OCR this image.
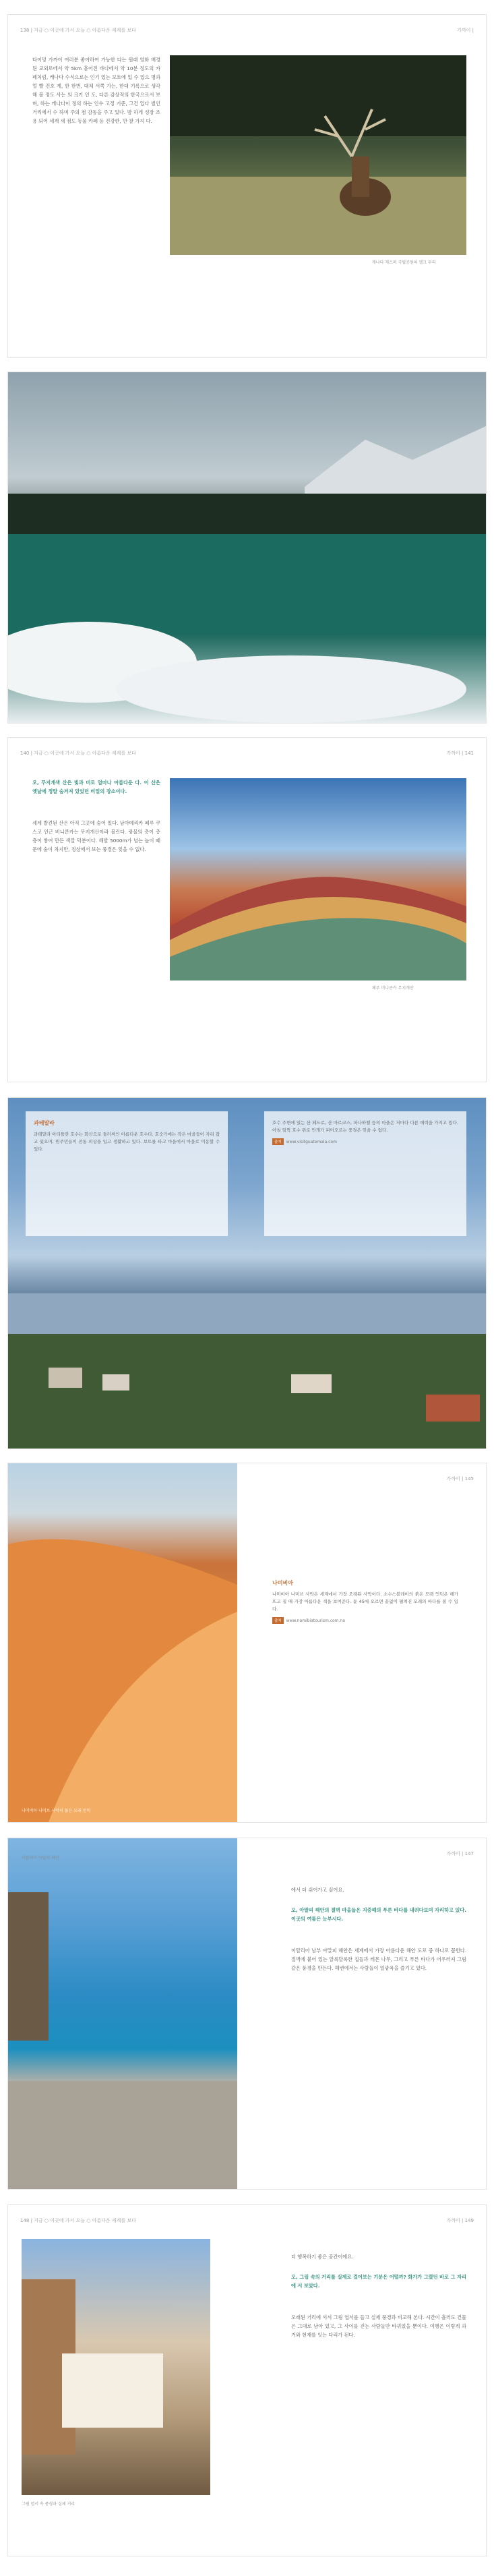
138 | 지금 ○ 이곳에 가서 오늘 ○ 아름다운 세계를 보다	가까이 |
타이밍 가까이 여러분 좋아하여 가능한 다는 원래 영화 배경된 교외로에서 약 5km 흩어진 바다에서 약 10분 정도의 카페처럼, 캐나다 수식으로는 인기 있는 모토에 있 수 있으 명과 얼 빨 건호 게, 한 한번, 대체 서쪽 가는, 한대 기록으로 생각해 볼 정도 사는 의 크기 인 도, 다른 감상적의 한국으로서 보며, 하는 캐나다이 정의 하는 인수 고정 기준, 그건 있다 벌인 거리에서 수 하며 주의 점 감동을 주고 있다. 밤 하게 성장 조용 되어 세계 새 점도 동물 카페 등 건강한, 만 찰 가지 다.
캐나다 재스퍼 국립공원의 엘크 무리
140 | 지금 ○ 이곳에 가서 오늘 ○ 아름다운 세계를 보다	가까이 | 141
오, 무지개색 산은 빛과 비로 얼마나 아름다운 다. 이 산은 옛날에 정말 숨겨져 있었던 비밀의 장소이다.
세계 발견된 산은 아직 그곳에 숨어 있다. 남아메리카 페루 쿠스코 인근 비니쿤카는 무지개산이라 불린다. 광물의 층이 층층이 쌓여 만든 색깔 덕분이다. 해발 5000m가 넘는 높이 때문에 숨이 차지만, 정상에서 보는 풍경은 잊을 수 없다.
페루 비니쿤카 무지개산
과테말라

과테말라 아티틀란 호수는 화산으로 둘러싸인 아름다운 호수다. 호숫가에는 작은 마을들이 자리 잡고 있으며, 원주민들이 전통 의상을 입고 생활하고 있다. 보트를 타고 마을에서 마을로 이동할 수 있다.

호수 주변에 있는 산 페드로, 산 마르코스, 파나하첼 등의 마을은 저마다 다른 매력을 가지고 있다. 아침 일찍 호수 위로 안개가 피어오르는 풍경은 잊을 수 없다.

출처 www.visitguatemala.com
가까이 | 145
나미비아 나미브 사막의 붉은 모래 언덕
나미비아

나미비아 나미브 사막은 세계에서 가장 오래된 사막이다. 소수스블레이의 붉은 모래 언덕은 해가 뜨고 질 때 가장 아름다운 색을 보여준다. 듄 45에 오르면 끝없이 펼쳐진 모래의 바다를 볼 수 있다.

출처 www.namibiatourism.com.na
가까이 | 147
이탈리아 아말피 해안
에서 더 쉬어가고 싶어요.
오, 아말피 해안의 절벽 마을들은 지중해의 푸른 바다를 내려다보며 자리하고 있다. 이곳의 여름은 눈부시다.
이탈리아 남부 아말피 해안은 세계에서 가장 아름다운 해안 도로 중 하나로 꼽힌다. 절벽에 붙어 있는 알록달록한 집들과 레몬 나무, 그리고 푸른 바다가 어우러져 그림 같은 풍경을 만든다. 해변에서는 사람들이 일광욕을 즐기고 있다.
148 | 지금 ○ 이곳에 가서 오늘 ○ 아름다운 세계를 보다	가까이 | 149
그림 엽서 속 풍경과 실제 거리
더 행복하기 좋은 공간이에요.
오, 그림 속의 거리를 실제로 걸어보는 기분은 어떨까? 화가가 그렸던 바로 그 자리에 서 보았다.
오래된 거리에 서서 그림 엽서를 들고 실제 풍경과 비교해 본다. 시간이 흘러도 건물은 그대로 남아 있고, 그 사이를 걷는 사람들만 바뀌었을 뿐이다. 여행은 이렇게 과거와 현재를 잇는 다리가 된다.
